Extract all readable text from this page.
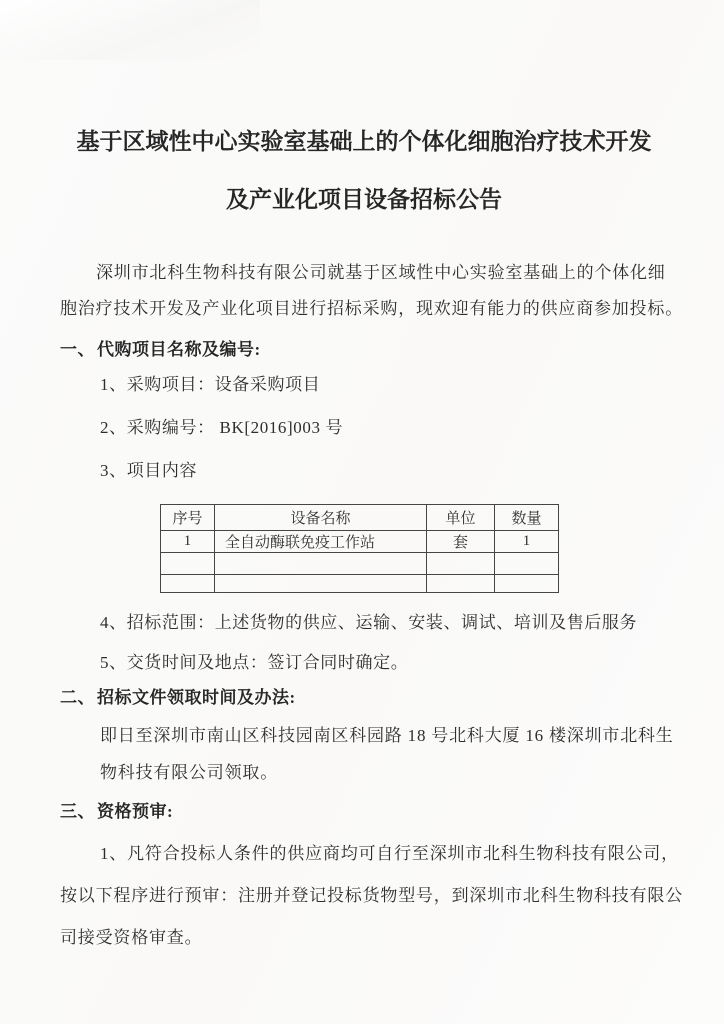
基于区域性中心实验室基础上的个体化细胞治疗技术开发
及产业化项目设备招标公告
深圳市北科生物科技有限公司就基于区域性中心实验室基础上的个体化细
胞治疗技术开发及产业化项目进行招标采购，现欢迎有能力的供应商参加投标。
一、 代购项目名称及编号:
1、采购项目：设备采购项目
2、采购编号： BK[2016]003 号
3、项目内容
序号	设备名称	单位	数量
1	全自动酶联免疫工作站	套	1

4、招标范围：上述货物的供应、运输、安装、调试、培训及售后服务
5、交货时间及地点：签订合同时确定。
二、 招标文件领取时间及办法:
即日至深圳市南山区科技园南区科园路 18 号北科大厦 16 楼深圳市北科生
物科技有限公司领取。
三、 资格预审:
1、凡符合投标人条件的供应商均可自行至深圳市北科生物科技有限公司，
按以下程序进行预审：注册并登记投标货物型号，到深圳市北科生物科技有限公
司接受资格审查。
